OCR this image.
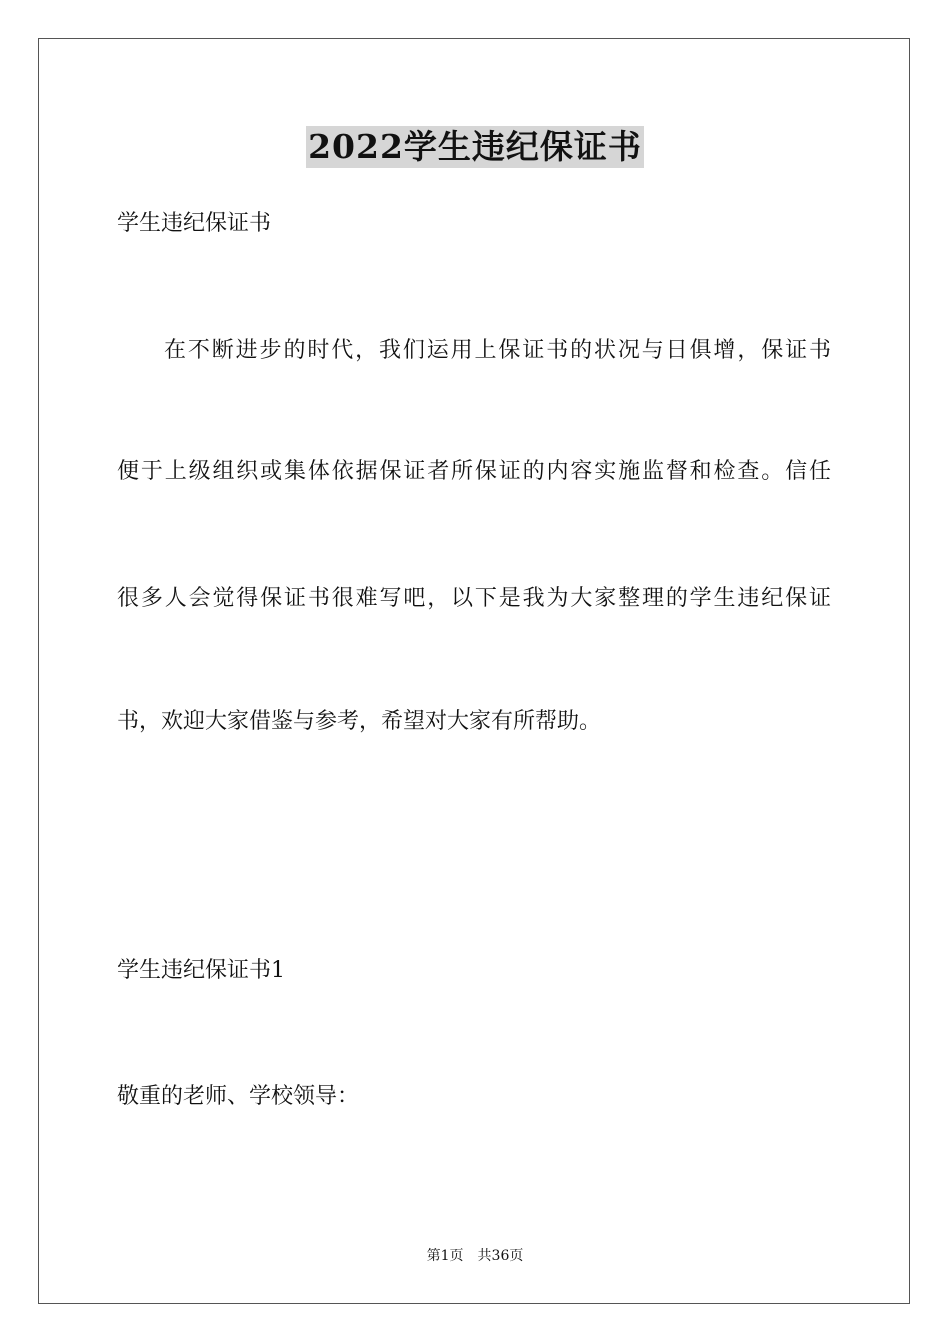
2022学生违纪保证书
学生违纪保证书
在不断进步的时代，我们运用上保证书的状况与日俱增，保证书
便于上级组织或集体依据保证者所保证的内容实施监督和检查。信任
很多人会觉得保证书很难写吧，以下是我为大家整理的学生违纪保证
书，欢迎大家借鉴与参考，希望对大家有所帮助。
学生违纪保证书1
敬重的老师、学校领导：
第1页　共36页
